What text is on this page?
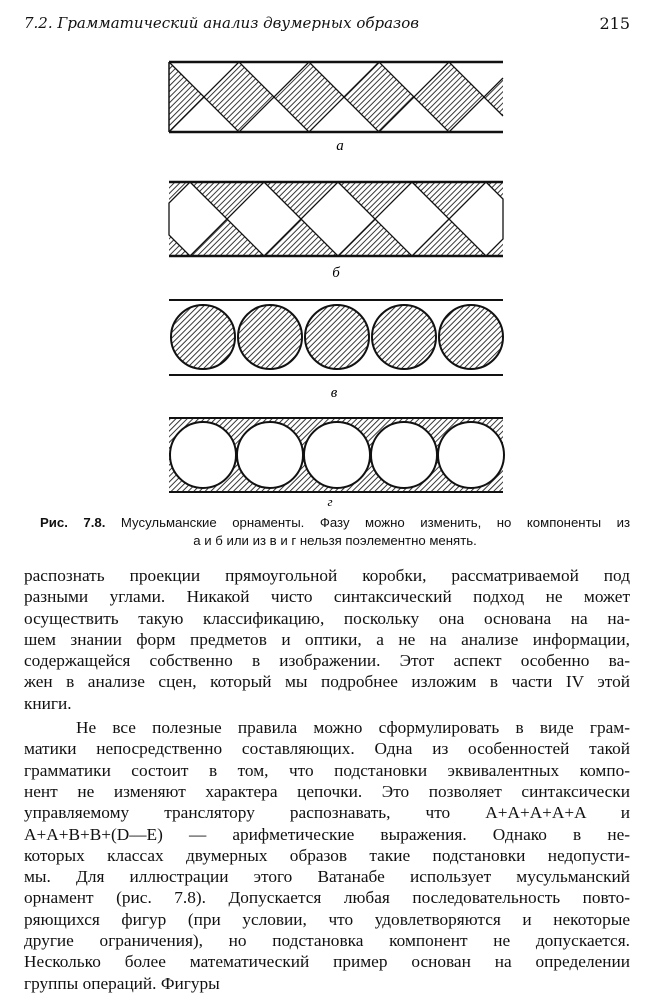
7.2. Грамматический анализ двумерных образов	215
а
б
в
г
Рис. 7.8. Мусульманские орнаменты. Фазу можно изменить, но компоненты из
а и б или из в и г нельзя поэлементно менять.
распознать проекции прямоугольной коробки, рассматриваемой под
разными углами. Никакой чисто синтаксический подход не может
осуществить такую классификацию, поскольку она основана на на-
шем знании форм предметов и оптики, а не на анализе информации,
содержащейся собственно в изображении. Этот аспект особенно ва-
жен в анализе сцен, который мы подробнее изложим в части IV этой
книги.
Не все полезные правила можно сформулировать в виде грам-
матики непосредственно составляющих. Одна из особенностей такой
грамматики состоит в том, что подстановки эквивалентных компо-
нент не изменяют характера цепочки. Это позволяет синтаксически
управляемому транслятору распознавать, что A+A+A+A+A и
A+A+B+B+(D—E) — арифметические выражения. Однако в не-
которых классах двумерных образов такие подстановки недопусти-
мы. Для иллюстрации этого Ватанабе использует мусульманский
орнамент (рис. 7.8). Допускается любая последовательность повто-
ряющихся фигур (при условии, что удовлетворяются и некоторые
другие ограничения), но подстановка компонент не допускается.
Несколько более математический пример основан на определении
группы операций. Фигуры
